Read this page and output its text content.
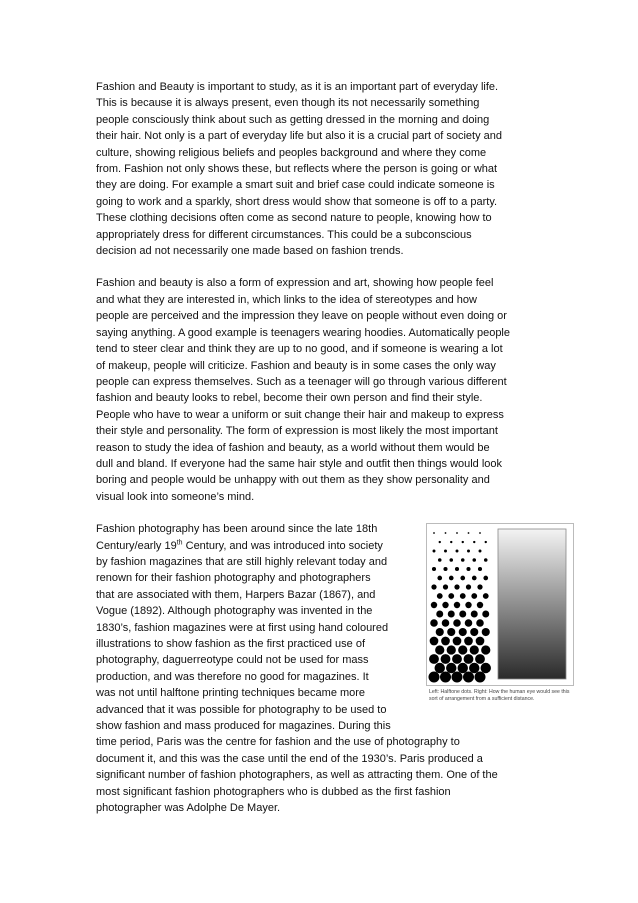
Fashion and Beauty is important to study, as it is an important part of everyday life.

This is because it is always present, even though its not necessarily something

people consciously think about such as getting dressed in the morning and doing

their hair. Not only is a part of everyday life but also it is a crucial part of society and

culture, showing religious beliefs and peoples background and where they come

from. Fashion not only shows these, but reflects where the person is going or what

they are doing. For example a smart suit and brief case could indicate someone is

going to work and a sparkly, short dress would show that someone is off to a party.

These clothing decisions often come as second nature to people, knowing how to

appropriately dress for different circumstances. This could be a subconscious

decision ad not necessarily one made based on fashion trends.

Fashion and beauty is also a form of expression and art, showing how people feel

and what they are interested in, which links to the idea of stereotypes and how

people are perceived and the impression they leave on people without even doing or

saying anything. A good example is teenagers wearing hoodies. Automatically people

tend to steer clear and think they are up to no good, and if someone is wearing a lot

of makeup, people will criticize. Fashion and beauty is in some cases the only way

people can express themselves. Such as a teenager will go through various different

fashion and beauty looks to rebel, become their own person and find their style.

People who have to wear a uniform or suit change their hair and makeup to express

their style and personality. The form of expression is most likely the most important

reason to study the idea of fashion and beauty, as a world without them would be

dull and bland. If everyone had the same hair style and outfit then things would look

boring and people would be unhappy with out them as they show personality and

visual look into someone’s mind.

Fashion photography has been around since the late 18th

Century/early 19th Century, and was introduced into society

by fashion magazines that are still highly relevant today and

renown for their fashion photography and photographers

that are associated with them, Harpers Bazar (1867), and

Vogue (1892). Although photography was invented in the

1830’s, fashion magazines were at first using hand coloured

illustrations to show fashion as the first practiced use of

photography, daguerreotype could not be used for mass

production, and was therefore no good for magazines. It

was not until halftone printing techniques became more

advanced that it was possible for photography to be used to

show fashion and mass produced for magazines. During this

time period, Paris was the centre for fashion and the use of photography to

document it, and this was the case until the end of the 1930’s. Paris produced a

significant number of fashion photographers, as well as attracting them. One of the

most significant fashion photographers who is dubbed as the first fashion

photographer was Adolphe De Mayer.

Left: Halftone dots. Right: How the human eye would see this sort of arrangement from a sufficient distance.
